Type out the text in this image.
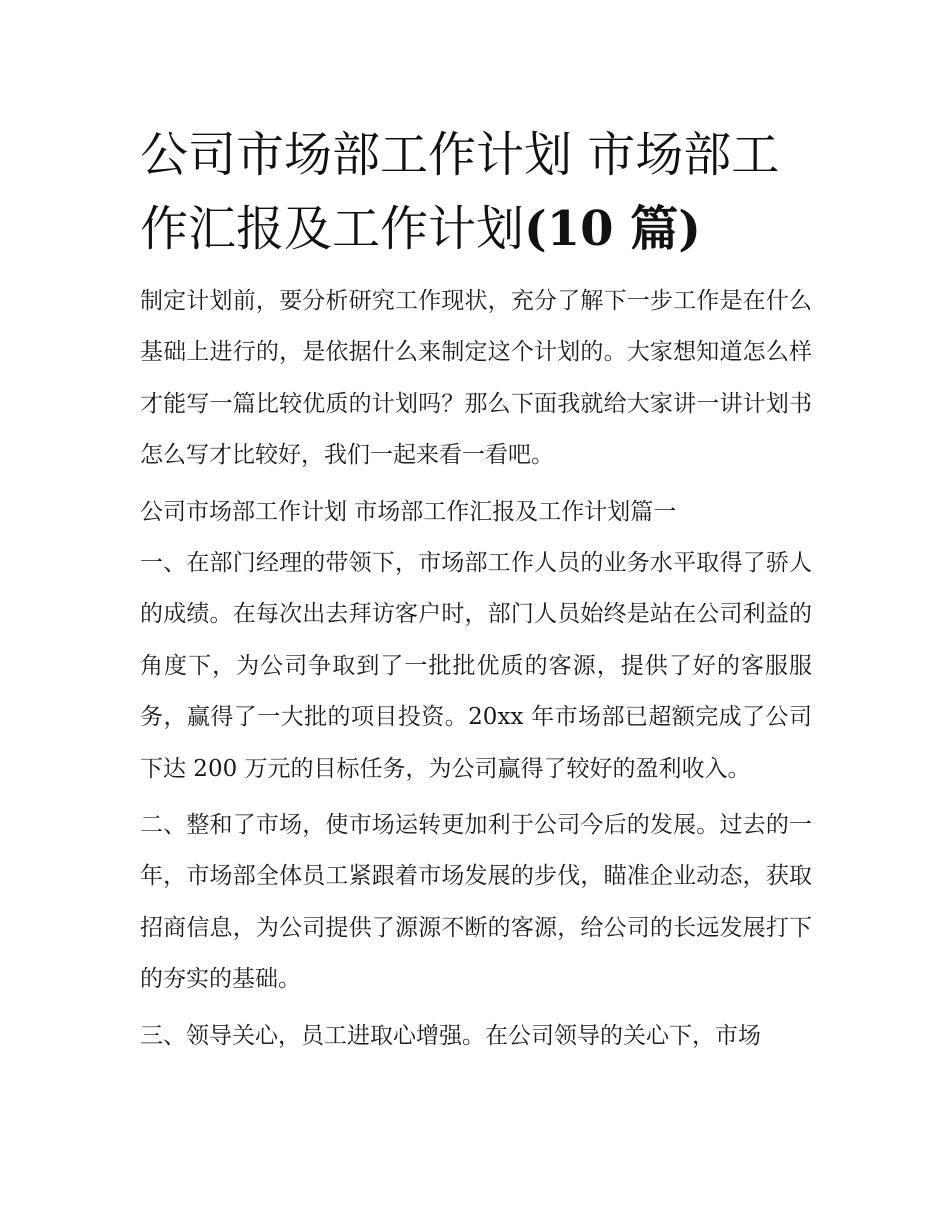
公司市场部工作计划 市场部工作汇报及工作计划(10 篇)

制定计划前，要分析研究工作现状，充分了解下一步工作是在什么基础上进行的，是依据什么来制定这个计划的。大家想知道怎么样才能写一篇比较优质的计划吗？那么下面我就给大家讲一讲计划书怎么写才比较好，我们一起来看一看吧。

公司市场部工作计划 市场部工作汇报及工作计划篇一

一、在部门经理的带领下，市场部工作人员的业务水平取得了骄人的成绩。在每次出去拜访客户时，部门人员始终是站在公司利益的角度下，为公司争取到了一批批优质的客源，提供了好的客服服务，赢得了一大批的项目投资。20xx 年市场部已超额完成了公司下达 200 万元的目标任务，为公司赢得了较好的盈利收入。

二、整和了市场，使市场运转更加利于公司今后的发展。过去的一年，市场部全体员工紧跟着市场发展的步伐，瞄准企业动态，获取招商信息，为公司提供了源源不断的客源，给公司的长远发展打下的夯实的基础。

三、领导关心，员工进取心增强。在公司领导的关心下，市场
